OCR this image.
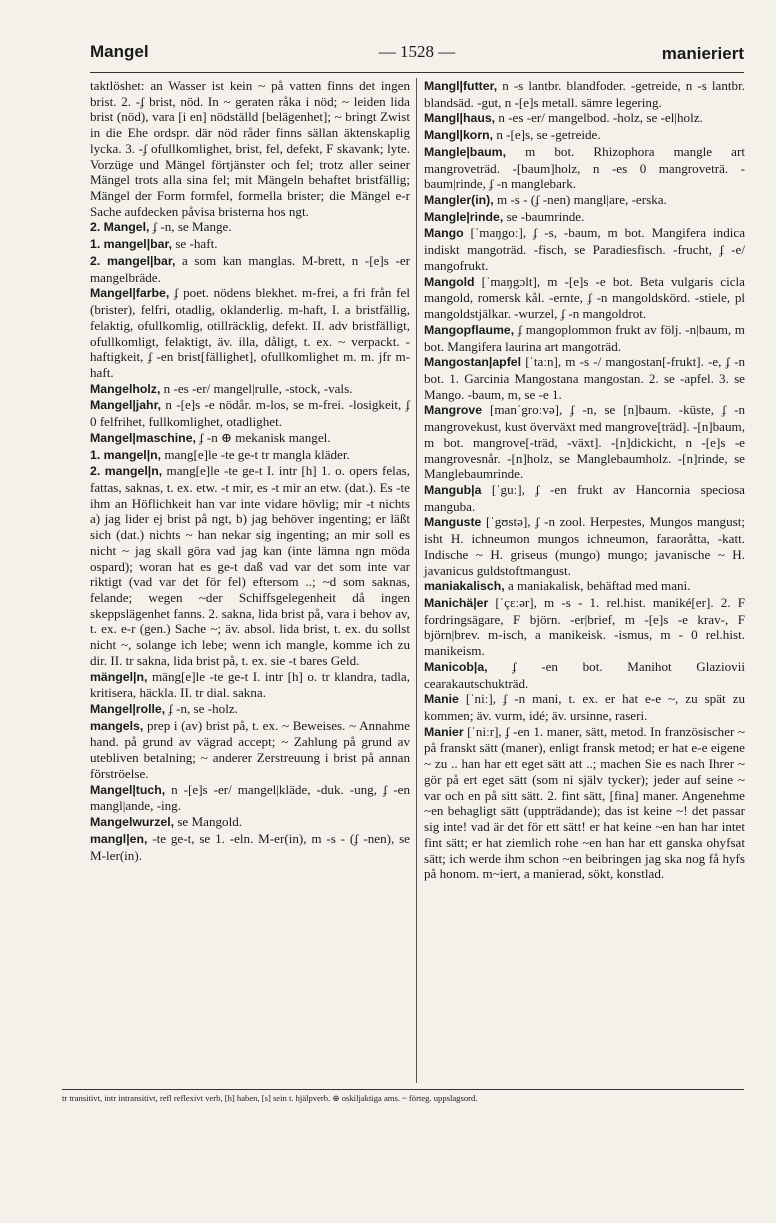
Mangel	— 1528 —	manieriert

taktlöshet: an Wasser ist kein ~ på vatten finns det ingen brist. 2. -ʄ brist, nöd. In ~ geraten råka i nöd; ~ leiden lida brist (nöd), vara [i en] nödställd [belägenhet]; ~ bringt Zwist in die Ehe ordspr. där nöd råder finns sällan äktenskaplig lycka. 3. -ʄ ofullkomlighet, brist, fel, defekt, F skavank; lyte. Vorzüge und Mängel förtjänster och fel; trotz aller seiner Mängel trots alla sina fel; mit Mängeln behaftet bristfällig; Mängel der Form formfel, formella brister; die Mängel e-r Sache aufdecken påvisa bristerna hos ngt.

2. Mangel, ʄ -n, se Mange.

1. mangel|bar, se -haft.

2. mangel|bar, a som kan manglas. M-brett, n -[e]s -er mangelbräde.

Mangel|farbe, ʄ poet. nödens blekhet. m-frei, a fri från fel (brister), felfri, otadlig, oklanderlig. m-haft, I. a bristfällig, felaktig, ofullkomlig, otillräcklig, defekt. II. adv bristfälligt, ofullkomligt, felaktigt, äv. illa, dåligt, t. ex. ~ verpackt. -haftigkeit, ʄ -en brist[fällighet], ofullkomlighet m. m. jfr m-haft.

Mangelholz, n -es -er/ mangel|rulle, -stock, -vals.

Mangel|jahr, n -[e]s -e nödår. m-los, se m-frei. -losigkeit, ʄ 0 felfrihet, fullkomlighet, otadlighet.

Mangel|maschine, ʄ -n ⊕ mekanisk mangel.

1. mangel|n, mang[e]le -te ge-t tr mangla kläder.

2. mangel|n, mang[e]le -te ge-t I. intr [h] 1. o. opers felas, fattas, saknas, t. ex. etw. -t mir, es -t mir an etw. (dat.). Es -te ihm an Höflichkeit han var inte vidare hövlig; mir -t nichts a) jag lider ej brist på ngt, b) jag behöver ingenting; er läßt sich (dat.) nichts ~ han nekar sig ingenting; an mir soll es nicht ~ jag skall göra vad jag kan (inte lämna ngn möda ospard); woran hat es ge-t daß vad var det som inte var riktigt (vad var det för fel) eftersom ..; ~d som saknas, felande; wegen ~der Schiffsgelegenheit då ingen skeppslägenhet fanns. 2. sakna, lida brist på, vara i behov av, t. ex. e-r (gen.) Sache ~; äv. absol. lida brist, t. ex. du sollst nicht ~, solange ich lebe; wenn ich mangle, komme ich zu dir. II. tr sakna, lida brist på, t. ex. sie -t bares Geld.

mängel|n, mäng[e]le -te ge-t I. intr [h] o. tr klandra, tadla, kritisera, häckla. II. tr dial. sakna.

Mangel|rolle, ʄ -n, se -holz.

mangels, prep i (av) brist på, t. ex. ~ Beweises. ~ Annahme hand. på grund av vägrad accept; ~ Zahlung på grund av utebliven betalning; ~ anderer Zerstreuung i brist på annan förströelse.

Mangel|tuch, n -[e]s -er/ mangel|kläde, -duk. -ung, ʄ -en mangl|ande, -ing.

Mangelwurzel, se Mangold.

mangl|en, -te ge-t, se 1. -eln. M-er(in), m -s - (ʄ -nen), se M-ler(in).

Mangl|futter, n -s lantbr. blandfoder. -getreide, n -s lantbr. blandsäd. -gut, n -[e]s metall. sämre legering.

Mangl|haus, n -es -er/ mangelbod. -holz, se -el|holz.

Mangl|korn, n -[e]s, se -getreide.

Mangle|baum, m bot. Rhizophora mangle art mangroveträd. -[baum]holz, n -es 0 mangroveträ. -baum|rinde, ʄ -n manglebark.

Mangler(in), m -s - (ʄ -nen) mangl|are, -erska.

Mangle|rinde, se -baumrinde.

Mango [ˈmaŋgoː], ʄ -s, -baum, m bot. Mangifera indica indiskt mangoträd. -fisch, se Paradiesfisch. -frucht, ʄ -e/ mangofrukt.

Mangold [ˈmaŋgɔlt], m -[e]s -e bot. Beta vulgaris cicla mangold, romersk kål. -ernte, ʄ -n mangoldskörd. -stiele, pl mangoldstjälkar. -wurzel, ʄ -n mangoldrot.

Mangopflaume, ʄ mangoplommon frukt av följ. -n|baum, m bot. Mangifera laurina art mangoträd.

Mangostan|apfel [ˈtaːn], m -s -/ mangostan[-frukt]. -e, ʄ -n bot. 1. Garcinia Mangostana mangostan. 2. se -apfel. 3. se Mango. -baum, m, se -e 1.

Mangrove [manˈgroːvə], ʄ -n, se [n]baum. -küste, ʄ -n mangrovekust, kust överväxt med mangrove[träd]. -[n]baum, m bot. mangrove[-träd, -växt]. -[n]dickicht, n -[e]s -e mangrovesnår. -[n]holz, se Manglebaumholz. -[n]rinde, se Manglebaumrinde.

Mangub|a [ˈguː], ʄ -en frukt av Hancornia speciosa manguba.

Manguste [ˈgʊstə], ʄ -n zool. Herpestes, Mungos mangust; isht H. ichneumon mungos ichneumon, faraoråtta, -katt. Indische ~ H. griseus (mungo) mungo; javanische ~ H. javanicus guldstoftmangust.

maniakalisch, a maniakalisk, behäftad med mani.

Manichä|er [ˈçɛːər], m -s - 1. rel.hist. maniké[er]. 2. F fordringsägare, F björn. -er|brief, m -[e]s -e krav-, F björn|brev. m-isch, a manikeisk. -ismus, m - 0 rel.hist. manikeism.

Manicob|a, ʄ -en bot. Manihot Glaziovii cearakautschukträd.

Manie [ˈniː], ʄ -n mani, t. ex. er hat e-e ~, zu spät zu kommen; äv. vurm, idé; äv. ursinne, raseri.

Manier [ˈniːr], ʄ -en 1. maner, sätt, metod. In französischer ~ på franskt sätt (maner), enligt fransk metod; er hat e-e eigene ~ zu .. han har ett eget sätt att ..; machen Sie es nach Ihrer ~ gör på ert eget sätt (som ni själv tycker); jeder auf seine ~ var och en på sitt sätt. 2. fint sätt, [fina] maner. Angenehme ~en behagligt sätt (uppträdande); das ist keine ~! det passar sig inte! vad är det för ett sätt! er hat keine ~en han har intet fint sätt; er hat ziemlich rohe ~en han har ett ganska ohyfsat sätt; ich werde ihm schon ~en beibringen jag ska nog få hyfs på honom. m~iert, a manierad, sökt, konstlad.

tr transitivt, intr intransitivt, refl reflexivt verb, [h] haben, [s] sein t. hjälpverb. ⊕ oskiljaktiga ams. ~ förteg. uppslagsord.
